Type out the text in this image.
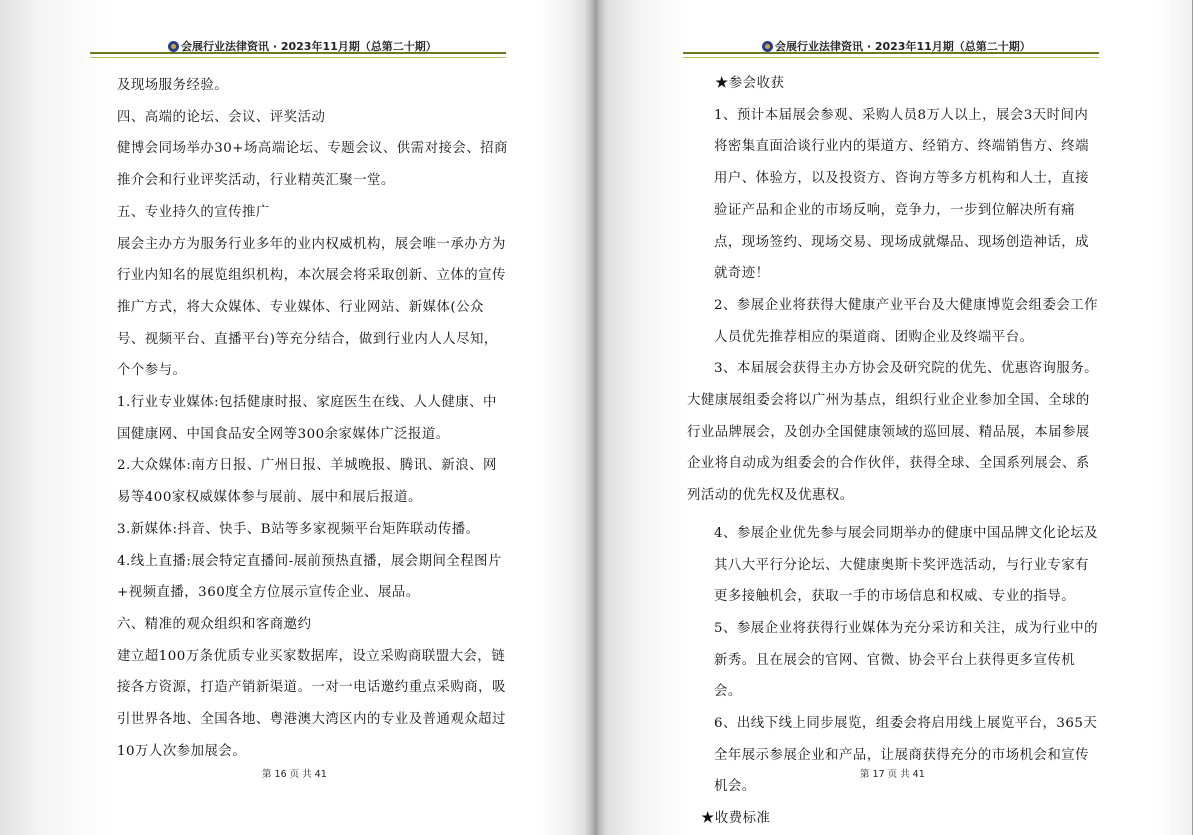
会展行业法律资讯 · 2023年11月期（总第二十期）

及现场服务经验。

四、高端的论坛、会议、评奖活动

健博会同场举办30+场高端论坛、专题会议、供需对接会、招商推介会和行业评奖活动，行业精英汇聚一堂。

五、专业持久的宣传推广

展会主办方为服务行业多年的业内权威机构，展会唯一承办方为行业内知名的展览组织机构，本次展会将采取创新、立体的宣传推广方式，将大众媒体、专业媒体、行业网站、新媒体(公众号、视频平台、直播平台)等充分结合，做到行业内人人尽知，个个参与。

1.行业专业媒体:包括健康时报、家庭医生在线、人人健康、中国健康网、中国食品安全网等300余家媒体广泛报道。

2.大众媒体:南方日报、广州日报、羊城晚报、腾讯、新浪、网易等400家权威媒体参与展前、展中和展后报道。

3.新媒体:抖音、快手、B站等多家视频平台矩阵联动传播。

4.线上直播:展会特定直播间-展前预热直播，展会期间全程图片+视频直播，360度全方位展示宣传企业、展品。

六、精准的观众组织和客商邀约

建立超100万条优质专业买家数据库，设立采购商联盟大会，链接各方资源，打造产销新渠道。一对一电话邀约重点采购商，吸引世界各地、全国各地、粤港澳大湾区内的专业及普通观众超过10万人次参加展会。

第 16 页 共 41
会展行业法律资讯 · 2023年11月期（总第二十期）

★参会收获

1、预计本届展会参观、采购人员8万人以上，展会3天时间内将密集直面洽谈行业内的渠道方、经销方、终端销售方、终端用户、体验方，以及投资方、咨询方等多方机构和人士，直接验证产品和企业的市场反响，竞争力，一步到位解决所有痛点，现场签约、现场交易、现场成就爆品、现场创造神话，成就奇迹！

2、参展企业将获得大健康产业平台及大健康博览会组委会工作人员优先推荐相应的渠道商、团购企业及终端平台。

3、本届展会获得主办方协会及研究院的优先、优惠咨询服务。

大健康展组委会将以广州为基点，组织行业企业参加全国、全球的行业品牌展会，及创办全国健康领域的巡回展、精品展，本届参展企业将自动成为组委会的合作伙伴，获得全球、全国系列展会、系列活动的优先权及优惠权。

4、参展企业优先参与展会同期举办的健康中国品牌文化论坛及其八大平行分论坛、大健康奥斯卡奖评选活动，与行业专家有更多接触机会，获取一手的市场信息和权威、专业的指导。

5、参展企业将获得行业媒体为充分采访和关注，成为行业中的新秀。且在展会的官网、官微、协会平台上获得更多宣传机会。

6、出线下线上同步展览，组委会将启用线上展览平台，365天全年展示参展企业和产品，让展商获得充分的市场机会和宣传机会。

★收费标准

第 17 页 共 41
